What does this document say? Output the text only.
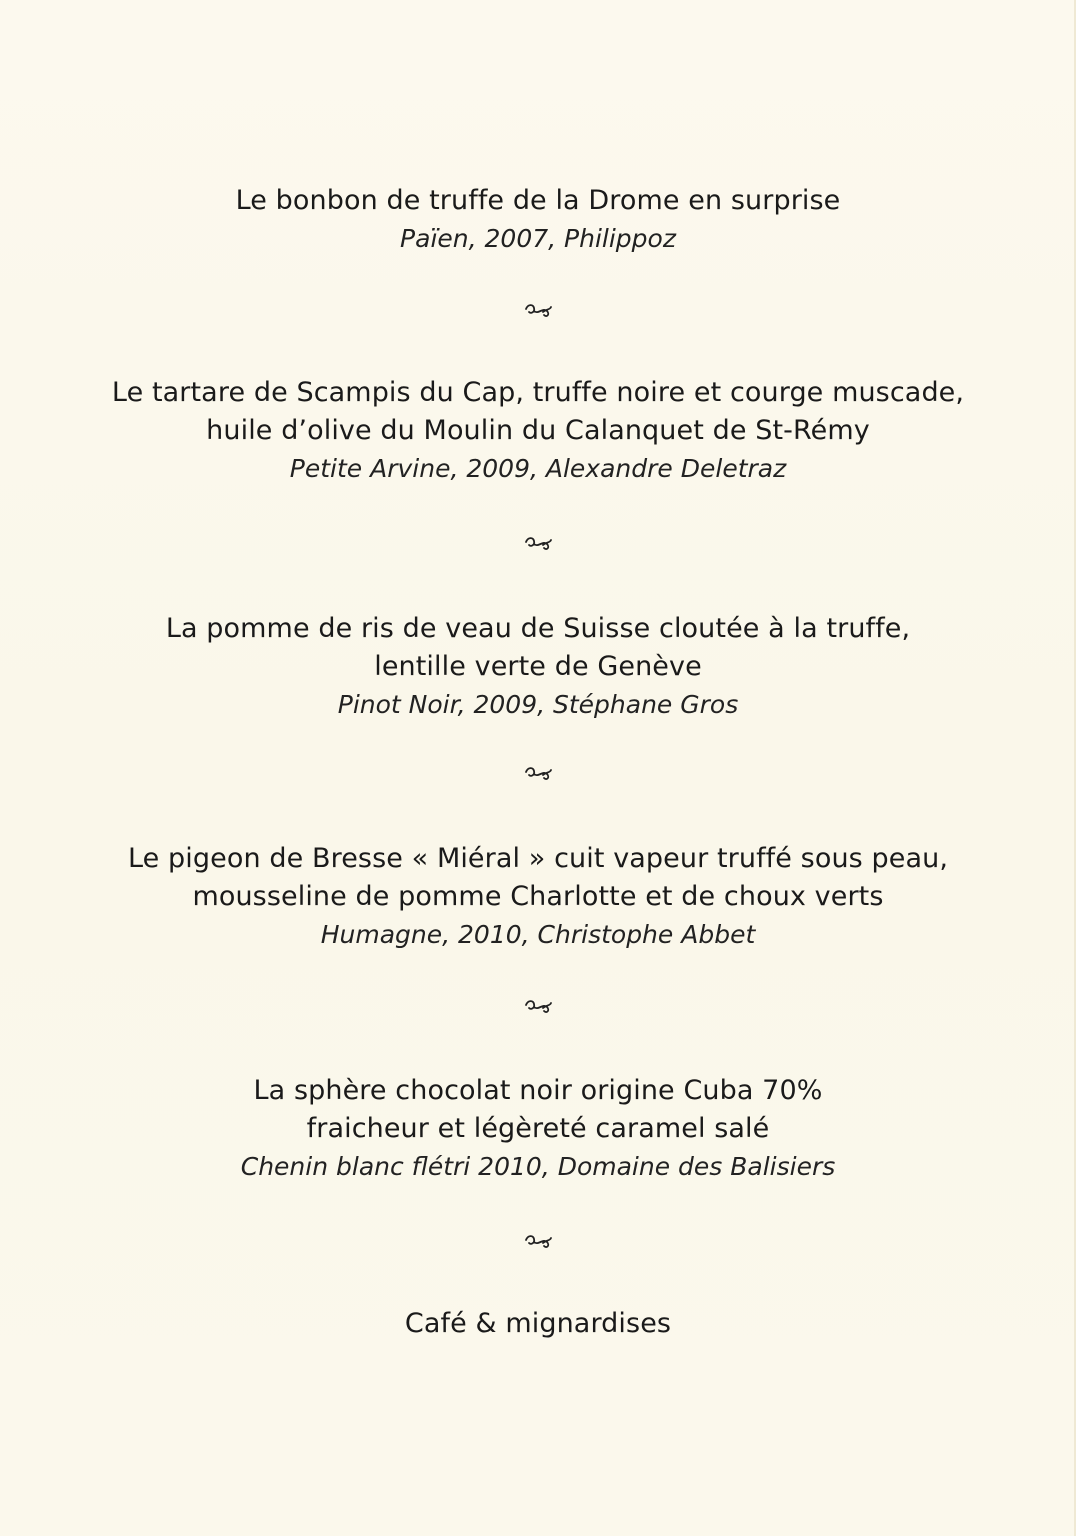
Le bonbon de truffe de la Drome en surprise
Païen, 2007, Philippoz
Le tartare de Scampis du Cap, truffe noire et courge muscade,
huile d’olive du Moulin du Calanquet de St-Rémy
Petite Arvine, 2009, Alexandre Deletraz
La pomme de ris de veau de Suisse cloutée à la truffe,
lentille verte de Genève
Pinot Noir, 2009, Stéphane Gros
Le pigeon de Bresse « Miéral » cuit vapeur truffé sous peau,
mousseline de pomme Charlotte et de choux verts
Humagne, 2010, Christophe Abbet
La sphère chocolat noir origine Cuba 70%
fraicheur et légèreté caramel salé
Chenin blanc flétri 2010, Domaine des Balisiers
Café & mignardises
